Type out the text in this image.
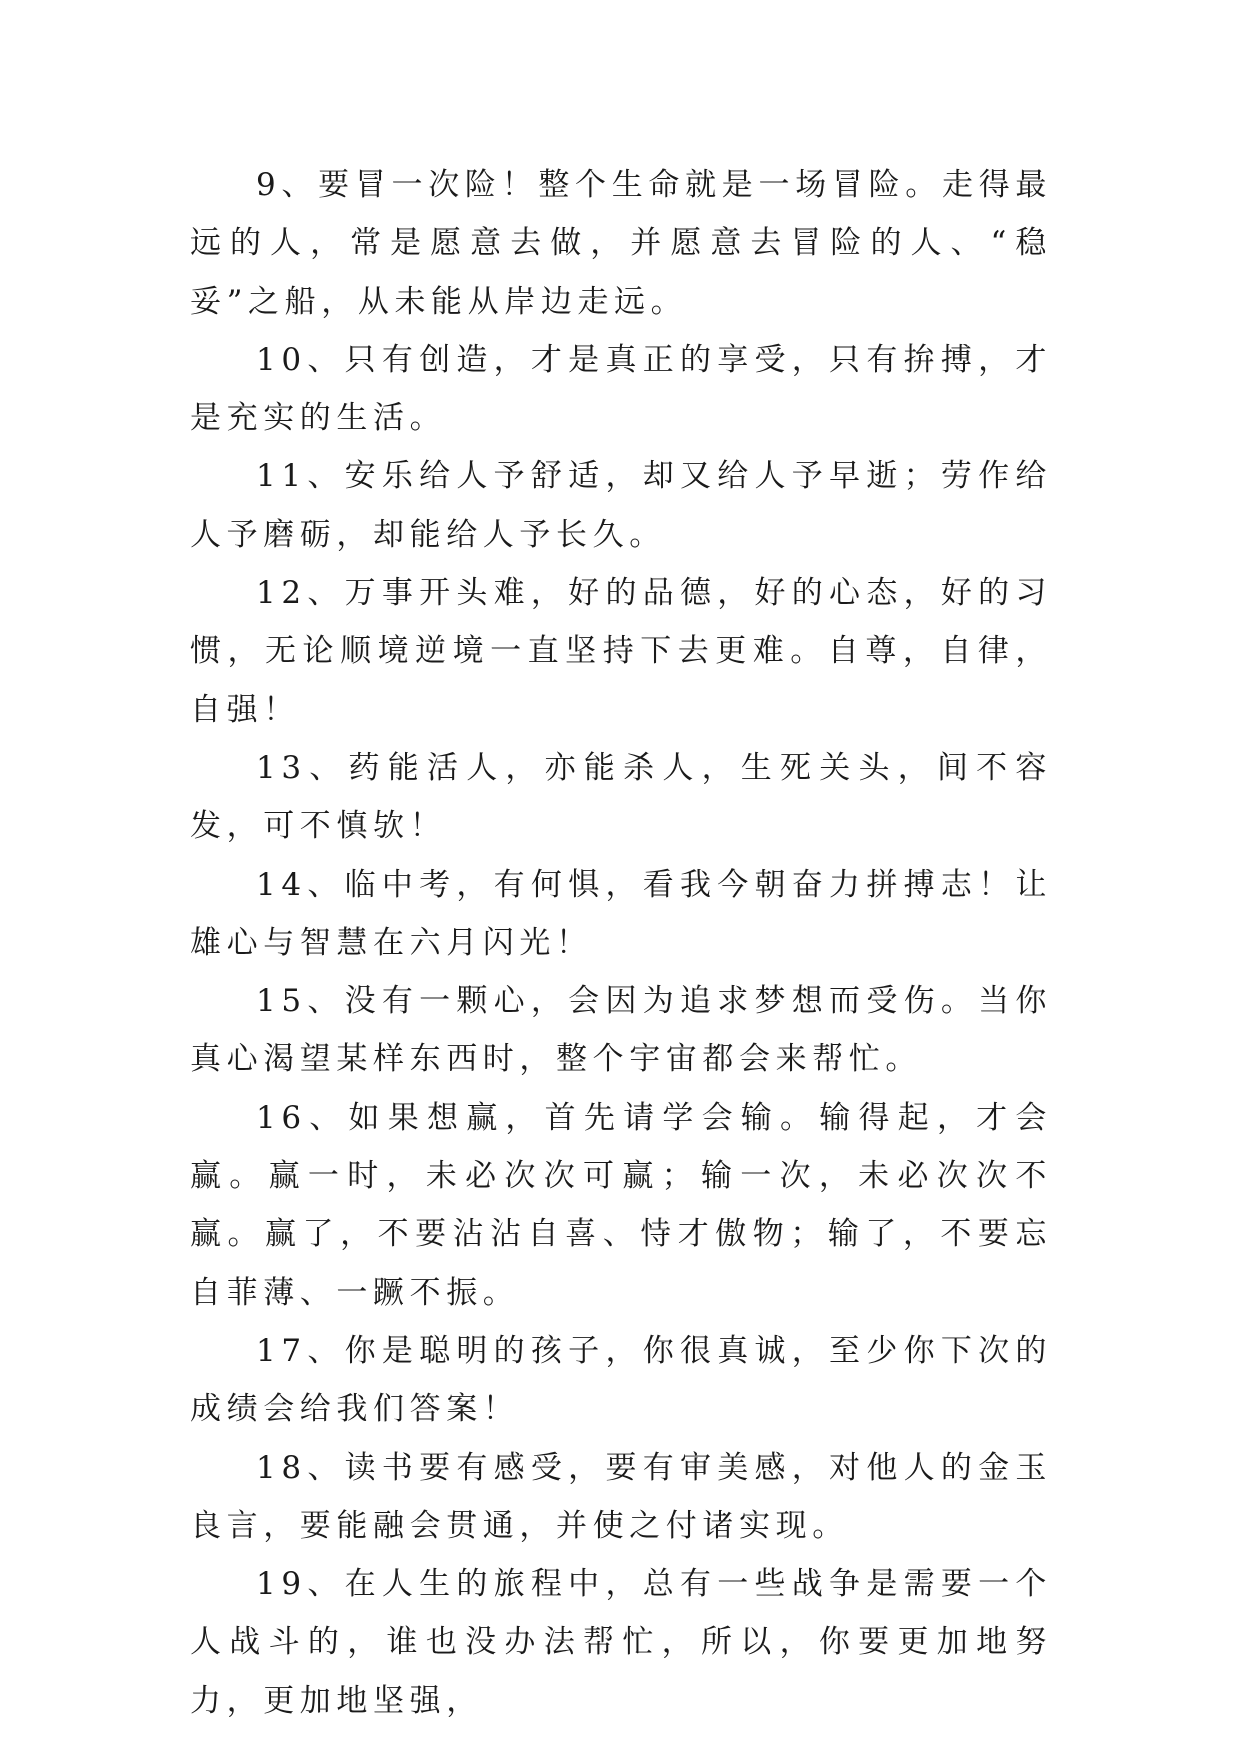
9、要冒一次险！整个生命就是一场冒险。走得最远的人，常是愿意去做，并愿意去冒险的人、“稳妥”之船，从未能从岸边走远。

10、只有创造，才是真正的享受，只有拚搏，才是充实的生活。

11、安乐给人予舒适，却又给人予早逝；劳作给人予磨砺，却能给人予长久。

12、万事开头难，好的品德，好的心态，好的习惯，无论顺境逆境一直坚持下去更难。自尊，自律，自强！

13、药能活人，亦能杀人，生死关头，间不容发，可不慎欤！

14、临中考，有何惧，看我今朝奋力拼搏志！让雄心与智慧在六月闪光！

15、没有一颗心，会因为追求梦想而受伤。当你真心渴望某样东西时，整个宇宙都会来帮忙。

16、如果想赢，首先请学会输。输得起，才会赢。赢一时，未必次次可赢；输一次，未必次次不赢。赢了，不要沾沾自喜、恃才傲物；输了，不要忘自菲薄、一蹶不振。

17、你是聪明的孩子，你很真诚，至少你下次的成绩会给我们答案！

18、读书要有感受，要有审美感，对他人的金玉良言，要能融会贯通，并使之付诸实现。

19、在人生的旅程中，总有一些战争是需要一个人战斗的，谁也没办法帮忙，所以，你要更加地努力，更加地坚强，
